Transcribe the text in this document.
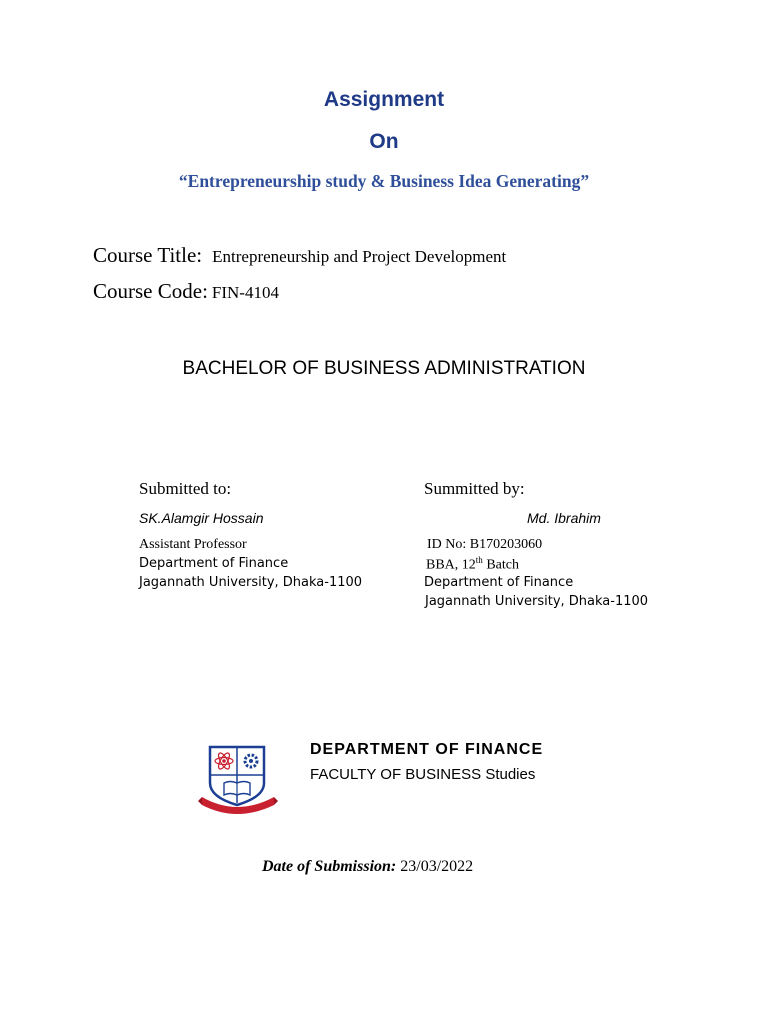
Assignment
On
“Entrepreneurship study & Business Idea Generating”
Course Title: Entrepreneurship and Project Development
Course Code: FIN-4104
BACHELOR OF BUSINESS ADMINISTRATION
Submitted to:
SK.Alamgir Hossain
Assistant Professor
Department of Finance
Jagannath University, Dhaka-1100
Summitted by:
Md. Ibrahim
ID No: B170203060
BBA, 12th Batch
Department of Finance
Jagannath University, Dhaka-1100
DEPARTMENT OF FINANCE
FACULTY OF BUSINESS Studies
Date of Submission: 23/03/2022
